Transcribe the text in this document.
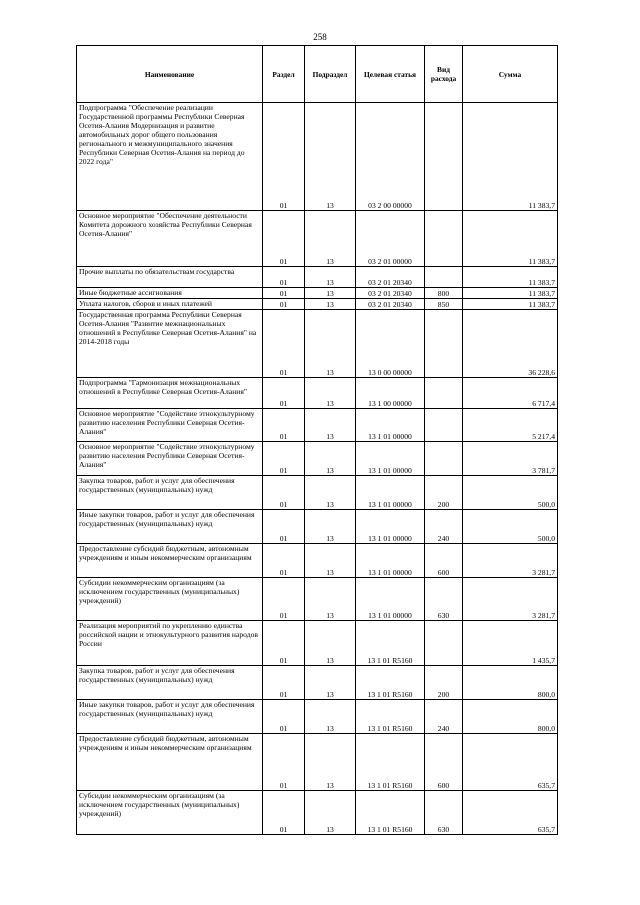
258
Наименование	Раздел	Подраздел	Целевая статья	Вид расхода	Сумма
Подпрограмма "Обеспечение реализации Государственной программы Республики Северная Осетия-Алания Модернизация и развитие автомобильных дорог общего пользования регионального и межмуниципального значения Республики Северная Осетия-Алания на период до 2022 года"	01	13	03 2 00 00000		11 383,7
Основное мероприятие "Обеспечение деятельности Комитета дорожного хозяйства Республики Северная Осетия-Алания"	01	13	03 2 01 00000		11 383,7
Прочие выплаты по обязательствам государства	01	13	03 2 01 20340		11 383,7
Иные бюджетные ассигнования	01	13	03 2 01 20340	800	11 383,7
Уплата налогов, сборов и иных платежей	01	13	03 2 01 20340	850	11 383,7
Государственная программа Республики Северная Осетия-Алания "Развитие межнациональных отношений в Республике Северная Осетия-Алания" на 2014-2018 годы	01	13	13 0 00 00000		36 228,6
Подпрограмма "Гармонизация межнациональных отношений в Республике Северная Осетия-Алания"	01	13	13 1 00 00000		6 717,4
Основное мероприятие "Содействие этнокультурному развитию населения Республики Северная Осетия-Алания"	01	13	13 1 01 00000		5 217,4
Основное мероприятие "Содействие этнокультурному развитию населения Республики Северная Осетия-Алания"	01	13	13 1 01 00000		3 781,7
Закупка товаров, работ и услуг для обеспечения государственных (муниципальных) нужд	01	13	13 1 01 00000	200	500,0
Иные закупки товаров, работ и услуг для обеспечения государственных (муниципальных) нужд	01	13	13 1 01 00000	240	500,0
Предоставление субсидий бюджетным, автономным учреждениям и иным некоммерческим организациям	01	13	13 1 01 00000	600	3 281,7
Субсидии некоммерческим организациям (за исключением государственных (муниципальных) учреждений)	01	13	13 1 01 00000	630	3 281,7
Реализация мероприятий по укреплению единства российской нации и этнокультурного развития народов России	01	13	13 1 01 R5160		1 435,7
Закупка товаров, работ и услуг для обеспечения государственных (муниципальных) нужд	01	13	13 1 01 R5160	200	800,0
Иные закупки товаров, работ и услуг для обеспечения государственных (муниципальных) нужд	01	13	13 1 01 R5160	240	800,0
Предоставление субсидий бюджетным, автономным учреждениям и иным некоммерческим организациям	01	13	13 1 01 R5160	600	635,7
Субсидии некоммерческим организациям (за исключением государственных (муниципальных) учреждений)	01	13	13 1 01 R5160	630	635,7
